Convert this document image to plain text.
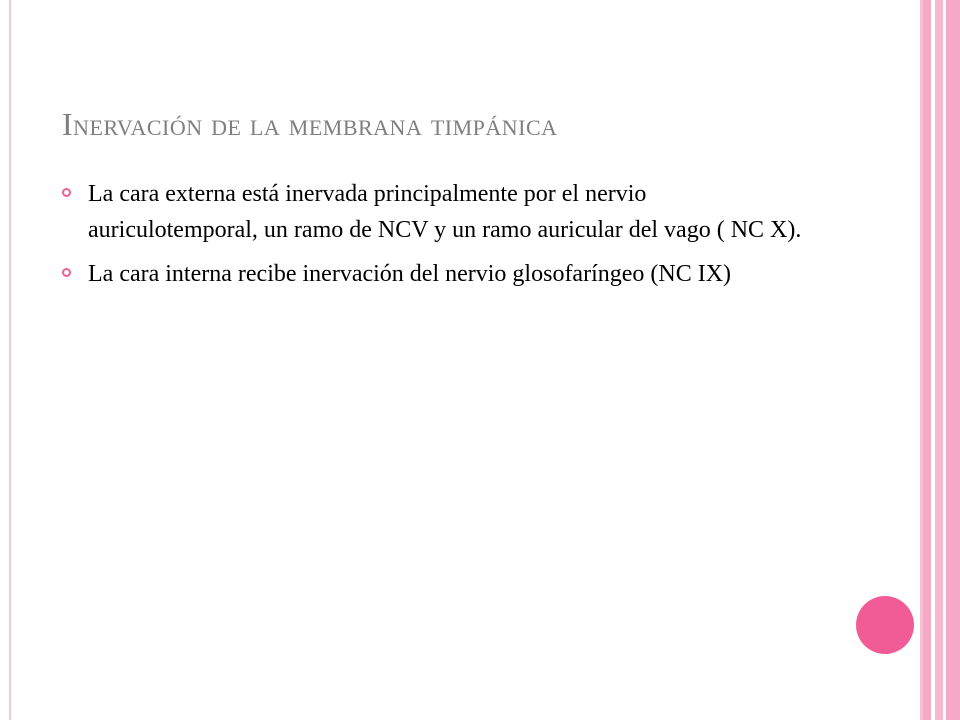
Inervación de la membrana timpánica
La cara externa está inervada principalmente por el nervio auriculotemporal, un ramo de NCV y un ramo auricular del vago ( NC X).
La cara interna recibe inervación del nervio glosofaríngeo (NC IX)
